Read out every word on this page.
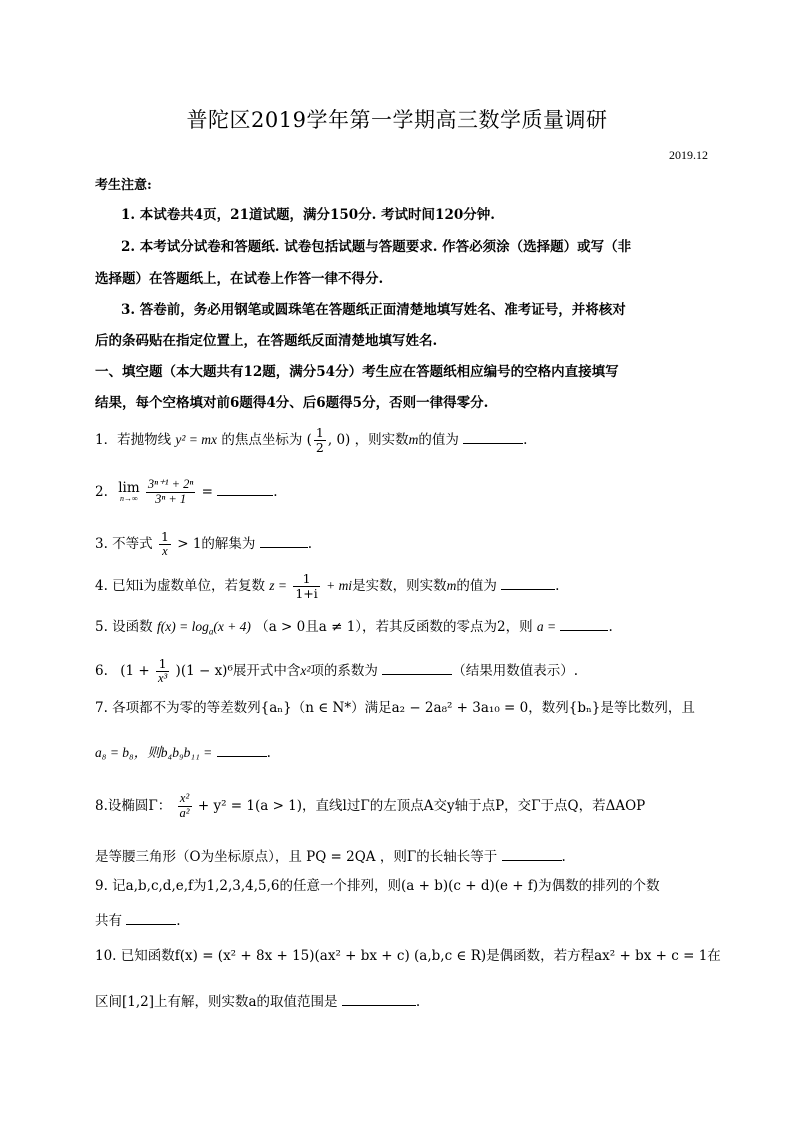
普陀区2019学年第一学期高三数学质量调研
2019.12
考生注意:
1. 本试卷共4页，21道试题，满分150分. 考试时间120分钟.
2. 本考试分试卷和答题纸. 试卷包括试题与答题要求. 作答必须涂（选择题）或写（非
选择题）在答题纸上，在试卷上作答一律不得分.
3. 答卷前，务必用钢笔或圆珠笔在答题纸正面清楚地填写姓名、准考证号，并将核对
后的条码贴在指定位置上，在答题纸反面清楚地填写姓名.
一、填空题（本大题共有12题，满分54分）考生应在答题纸相应编号的空格内直接填写
结果，每个空格填对前6题得4分、后6题得5分，否则一律得零分.
1．若抛物线 y² = mx 的焦点坐标为 ( $\frac{1}{2}$ , 0) ，则实数m的值为	.
2. lim
n→∞
$\frac{\text{3ⁿ⁺¹ + 2ⁿ}}{\text{3ⁿ + 1}}$ =	.
3. 不等式 $\frac{1}{x} > 1$的解集为	.
4. 已知i为虚数单位，若复数 $z = \frac{1}{1+i}$ + mi是实数，则实数m的值为	.
5. 设函数 $f(x) = \log_a(x + 4) (a > 0$且a ≠ 1），若其反函数的零点为2，则 a =	.
6. $(1 + \frac{1}{\text{x³}} )(1 - x)^6$展开式中含x²项的系数为	（结果用数值表示）.
7. 各项都不为零的等差数列{aₙ}（n ∈ N*）满足a₂ − 2a₈² + 3a₁₀ = 0，数列{bₙ}是等比数列，且
a₈ = b₈，则b₄b₉b₁₁ =	.
8.设椭圆Γ： $\frac{\text{x²}}{\text{a²}} + y^2 = 1(a > 1)$，直线l过Γ的左顶点A交y轴于点P，交Γ于点Q，若ΔAOP
是等腰三角形（O为坐标原点），且 PQ = 2QA ，则Γ的长轴长等于	.
9. 记a,b,c,d,e,f为1,2,3,4,5,6的任意一个排列，则(a + b)(c + d)(e + f)为偶数的排列的个数
共有	.
10. 已知函数f(x) = (x² + 8x + 15)(ax² + bx + c) (a,b,c ∈ R)是偶函数，若方程ax² + bx + c = 1在
区间[1,2]上有解，则实数a的取值范围是	.
